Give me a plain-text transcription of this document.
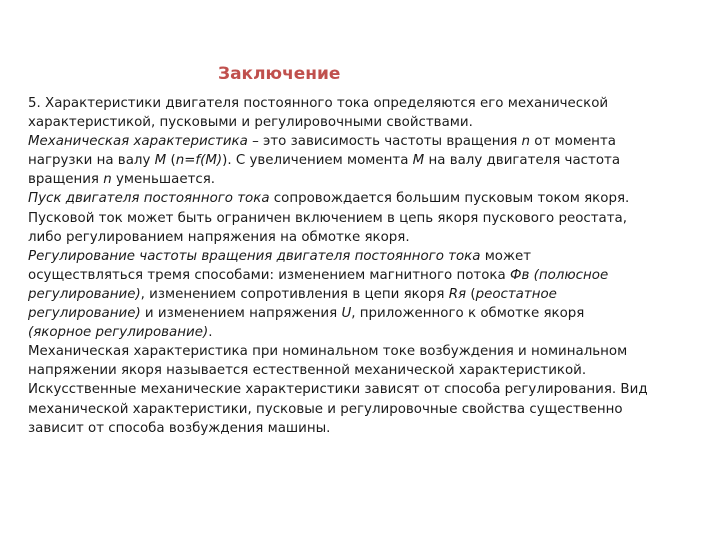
Заключение
5. Характеристики двигателя постоянного тока определяются его механической
характеристикой, пусковыми и регулировочными свойствами.
Механическая характеристика – это зависимость частоты вращения n от момента
нагрузки на валу М (n=f(M)). С увеличением момента М на валу двигателя частота
вращения n уменьшается.
Пуск двигателя постоянного тока сопровождается большим пусковым током якоря.
Пусковой ток может быть ограничен включением в цепь якоря пускового реостата,
либо регулированием напряжения на обмотке якоря.
Регулирование частоты вращения двигателя постоянного тока может
осуществляться тремя способами: изменением магнитного потока Фв (полюсное
регулирование), изменением сопротивления в цепи якоря Rя (реостатное
регулирование) и изменением напряжения U, приложенного к обмотке якоря
(якорное регулирование).
Механическая характеристика при номинальном токе возбуждения и номинальном
напряжении якоря называется естественной механической характеристикой.
Искусственные механические характеристики зависят от способа регулирования. Вид
механической характеристики, пусковые и регулировочные свойства существенно
зависит от способа возбуждения машины.
